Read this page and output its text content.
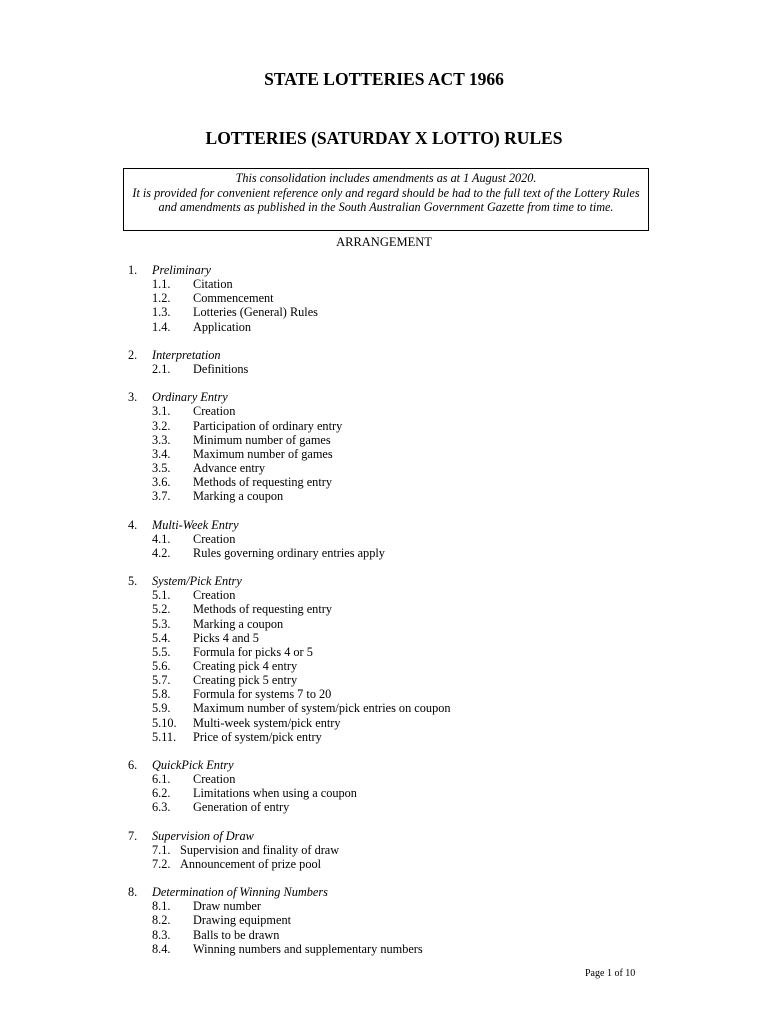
STATE LOTTERIES ACT 1966
LOTTERIES (SATURDAY X LOTTO) RULES
This consolidation includes amendments as at 1 August 2020.
It is provided for convenient reference only and regard should be had to the full text of the Lottery Rules and amendments as published in the South Australian Government Gazette from time to time.
ARRANGEMENT
1. Preliminary
1.1. Citation
1.2. Commencement
1.3. Lotteries (General) Rules
1.4. Application
2. Interpretation
2.1. Definitions
3. Ordinary Entry
3.1. Creation
3.2. Participation of ordinary entry
3.3. Minimum number of games
3.4. Maximum number of games
3.5. Advance entry
3.6. Methods of requesting entry
3.7. Marking a coupon
4. Multi-Week Entry
4.1. Creation
4.2. Rules governing ordinary entries apply
5. System/Pick Entry
5.1. Creation
5.2. Methods of requesting entry
5.3. Marking a coupon
5.4. Picks 4 and 5
5.5. Formula for picks 4 or 5
5.6. Creating pick 4 entry
5.7. Creating pick 5 entry
5.8. Formula for systems 7 to 20
5.9. Maximum number of system/pick entries on coupon
5.10. Multi-week system/pick entry
5.11. Price of system/pick entry
6. QuickPick Entry
6.1. Creation
6.2. Limitations when using a coupon
6.3. Generation of entry
7. Supervision of Draw
7.1. Supervision and finality of draw
7.2. Announcement of prize pool
8. Determination of Winning Numbers
8.1. Draw number
8.2. Drawing equipment
8.3. Balls to be drawn
8.4. Winning numbers and supplementary numbers
Page 1 of 10
